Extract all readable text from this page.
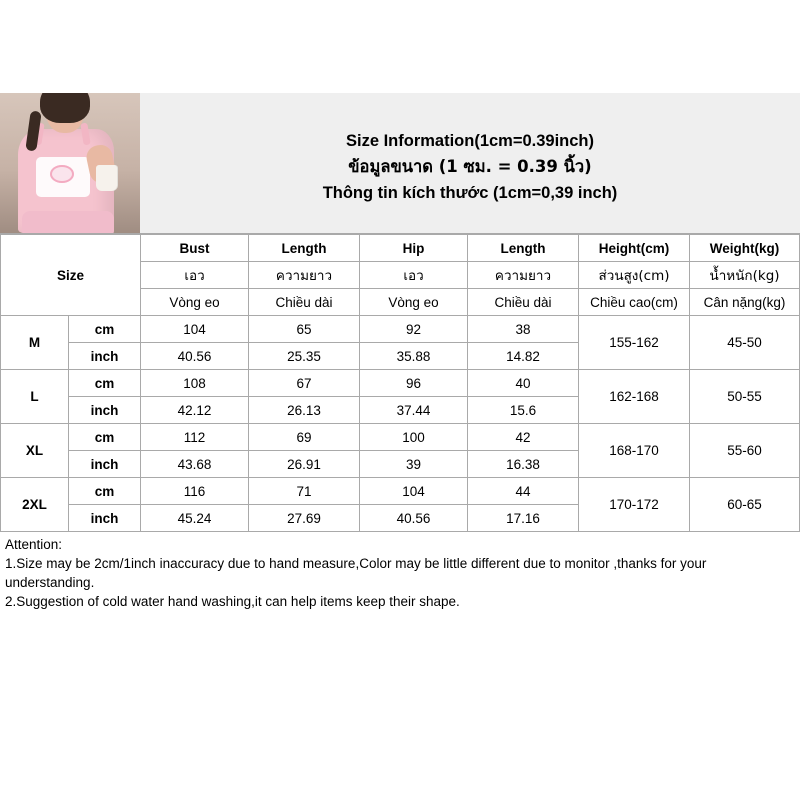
Size Information(1cm=0.39inch)
ข้อมูลขนาด (1 ซม. = 0.39 นิ้ว)
Thông tin kích thước (1cm=0,39 inch)
Size		Bust	Length	Hip	Length	Height(cm)	Weight(kg)
		เอว	ความยาว	เอว	ความยาว	ส่วนสูง(cm)	น้ำหนัก(kg)
		Vòng eo	Chiều dài	Vòng eo	Chiều dài	Chiều cao(cm)	Cân nặng(kg)
M	cm	104	65	92	38	155-162	45-50
	inch	40.56	25.35	35.88	14.82		
L	cm	108	67	96	40	162-168	50-55
	inch	42.12	26.13	37.44	15.6		
XL	cm	112	69	100	42	168-170	55-60
	inch	43.68	26.91	39	16.38		
2XL	cm	116	71	104	44	170-172	60-65
	inch	45.24	27.69	40.56	17.16		
Attention:
1.Size may be 2cm/1inch inaccuracy due to hand measure,Color may be little different due to monitor ,thanks for your
understanding.
2.Suggestion of cold water hand washing,it can help items keep their shape.
